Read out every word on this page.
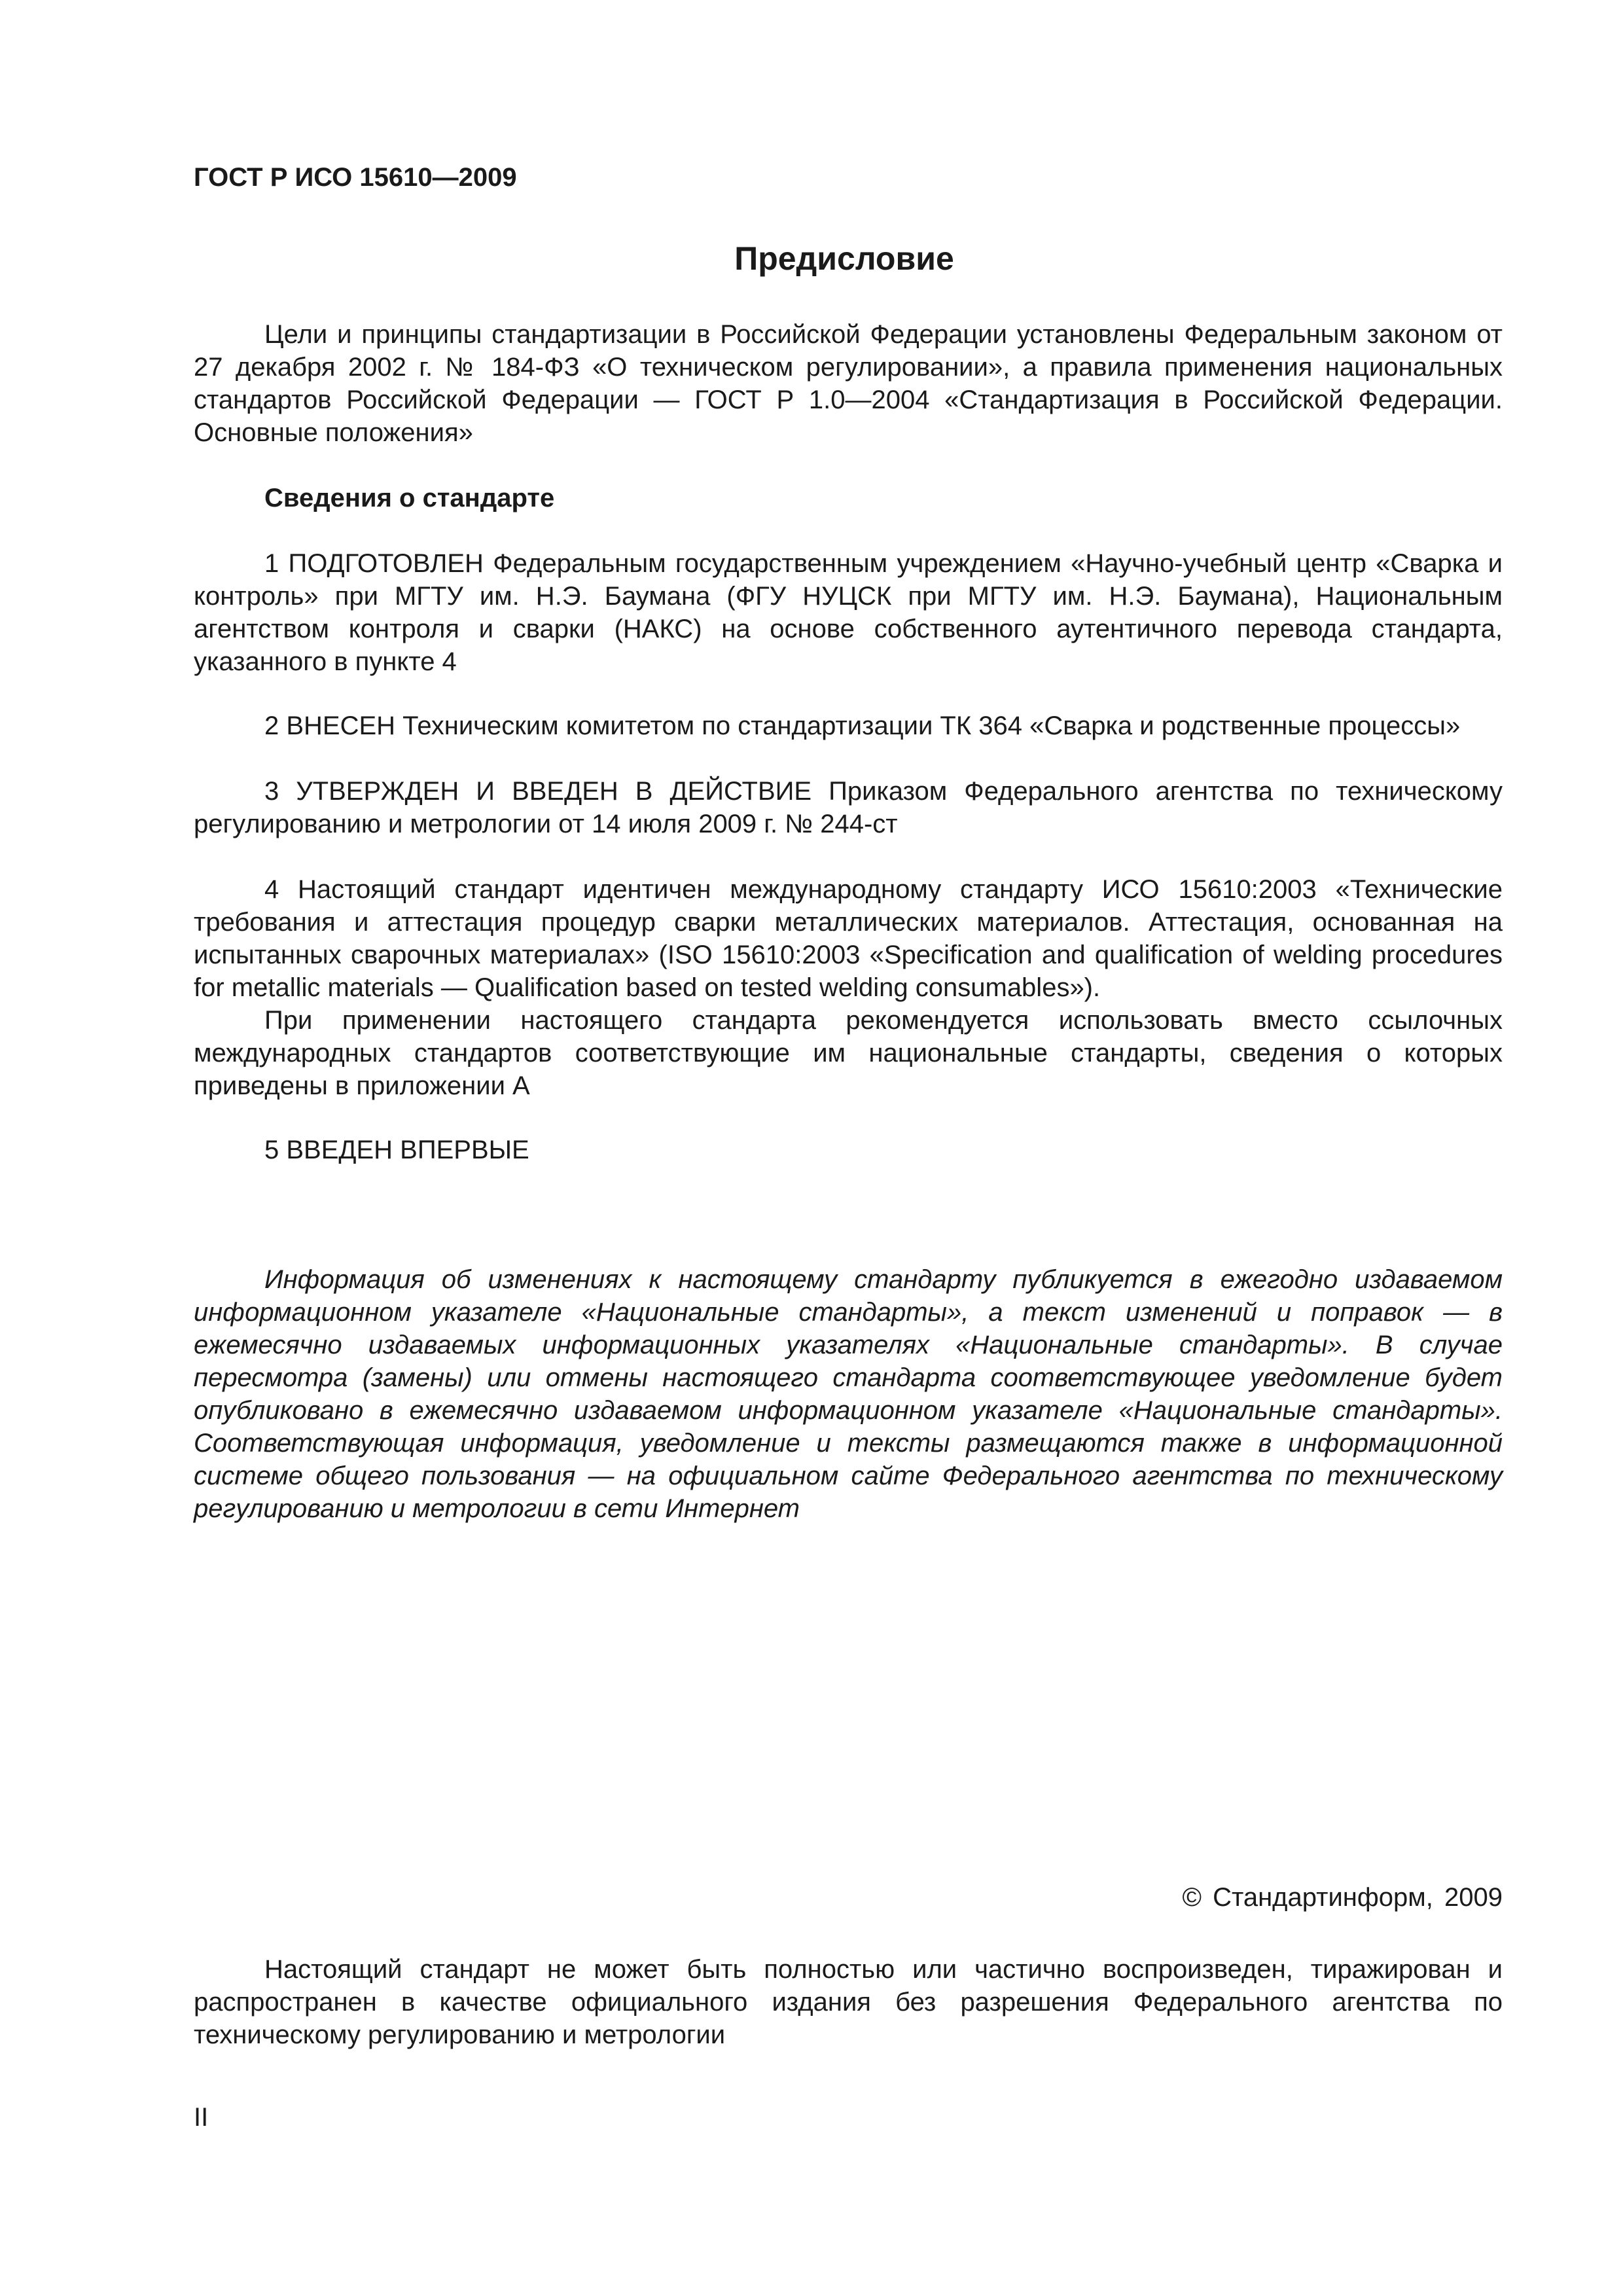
ГОСТ Р ИСО 15610—2009
Предисловие

Цели и принципы стандартизации в Российской Федерации установлены Федеральным законом от 27 декабря 2002 г. № 184-ФЗ «О техническом регулировании», а правила применения национальных стандартов Российской Федерации — ГОСТ Р 1.0—2004 «Стандартизация в Российской Федерации. Основные положения»

Сведения о стандарте

1 ПОДГОТОВЛЕН Федеральным государственным учреждением «Научно-учебный центр «Сварка и контроль» при МГТУ им. Н.Э. Баумана (ФГУ НУЦСК при МГТУ им. Н.Э. Баумана), Национальным агентством контроля и сварки (НАКС) на основе собственного аутентичного перевода стандарта, указанного в пункте 4

2 ВНЕСЕН Техническим комитетом по стандартизации ТК 364 «Сварка и родственные процессы»

3 УТВЕРЖДЕН И ВВЕДЕН В ДЕЙСТВИЕ Приказом Федерального агентства по техническому регулированию и метрологии от 14 июля 2009 г. № 244-ст

4 Настоящий стандарт идентичен международному стандарту ИСО 15610:2003 «Технические требования и аттестация процедур сварки металлических материалов. Аттестация, основанная на испытанных сварочных материалах» (ISO 15610:2003 «Specification and qualification of welding procedures for metallic materials — Qualification based on tested welding consumables»).

При применении настоящего стандарта рекомендуется использовать вместо ссылочных международных стандартов соответствующие им национальные стандарты, сведения о которых приведены в приложении А

5 ВВЕДЕН ВПЕРВЫЕ

Информация об изменениях к настоящему стандарту публикуется в ежегодно издаваемом информационном указателе «Национальные стандарты», а текст изменений и поправок — в ежемесячно издаваемых информационных указателях «Национальные стандарты». В случае пересмотра (замены) или отмены настоящего стандарта соответствующее уведомление будет опубликовано в ежемесячно издаваемом информационном указателе «Национальные стандарты». Соответствующая информация, уведомление и тексты размещаются также в информационной системе общего пользования — на официальном сайте Федерального агентства по техническому регулированию и метрологии в сети Интернет

© Стандартинформ, 2009

Настоящий стандарт не может быть полностью или частично воспроизведен, тиражирован и распространен в качестве официального издания без разрешения Федерального агентства по техническому регулированию и метрологии

II
